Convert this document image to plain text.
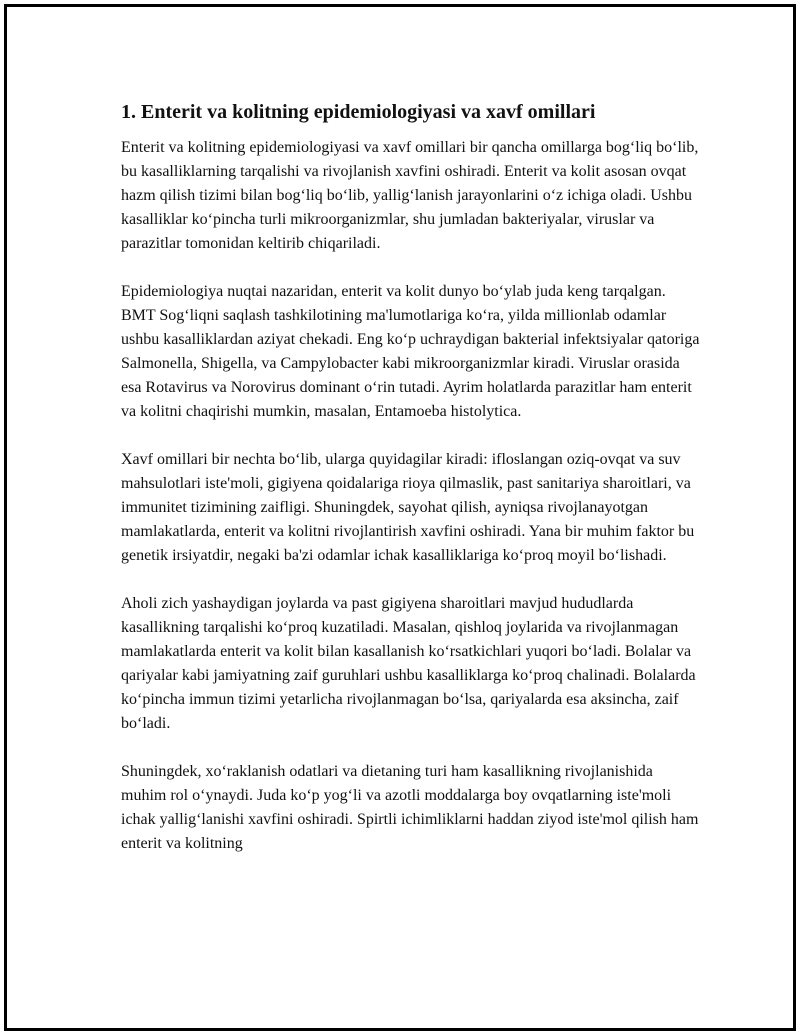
1. Enterit va kolitning epidemiologiyasi va xavf omillari

Enterit va kolitning epidemiologiyasi va xavf omillari bir qancha omillarga bog‘liq bo‘lib, bu kasalliklarning tarqalishi va rivojlanish xavfini oshiradi. Enterit va kolit asosan ovqat hazm qilish tizimi bilan bog‘liq bo‘lib, yallig‘lanish jarayonlarini o‘z ichiga oladi. Ushbu kasalliklar ko‘pincha turli mikroorganizmlar, shu jumladan bakteriyalar, viruslar va parazitlar tomonidan keltirib chiqariladi.

Epidemiologiya nuqtai nazaridan, enterit va kolit dunyo bo‘ylab juda keng tarqalgan. BMT Sog‘liqni saqlash tashkilotining ma'lumotlariga ko‘ra, yilda millionlab odamlar ushbu kasalliklardan aziyat chekadi. Eng ko‘p uchraydigan bakterial infektsiyalar qatoriga Salmonella, Shigella, va Campylobacter kabi mikroorganizmlar kiradi. Viruslar orasida esa Rotavirus va Norovirus dominant o‘rin tutadi. Ayrim holatlarda parazitlar ham enterit va kolitni chaqirishi mumkin, masalan, Entamoeba histolytica.

Xavf omillari bir nechta bo‘lib, ularga quyidagilar kiradi: ifloslangan oziq-ovqat va suv mahsulotlari iste'moli, gigiyena qoidalariga rioya qilmaslik, past sanitariya sharoitlari, va immunitet tizimining zaifligi. Shuningdek, sayohat qilish, ayniqsa rivojlanayotgan mamlakatlarda, enterit va kolitni rivojlantirish xavfini oshiradi. Yana bir muhim faktor bu genetik irsiyatdir, negaki ba'zi odamlar ichak kasalliklariga ko‘proq moyil bo‘lishadi.

Aholi zich yashaydigan joylarda va past gigiyena sharoitlari mavjud hududlarda kasallikning tarqalishi ko‘proq kuzatiladi. Masalan, qishloq joylarida va rivojlanmagan mamlakatlarda enterit va kolit bilan kasallanish ko‘rsatkichlari yuqori bo‘ladi. Bolalar va qariyalar kabi jamiyatning zaif guruhlari ushbu kasalliklarga ko‘proq chalinadi. Bolalarda ko‘pincha immun tizimi yetarlicha rivojlanmagan bo‘lsa, qariyalarda esa aksincha, zaif bo‘ladi.

Shuningdek, xo‘raklanish odatlari va dietaning turi ham kasallikning rivojlanishida muhim rol o‘ynaydi. Juda ko‘p yog‘li va azotli moddalarga boy ovqatlarning iste'moli ichak yallig‘lanishi xavfini oshiradi. Spirtli ichimliklarni haddan ziyod iste'mol qilish ham enterit va kolitning
